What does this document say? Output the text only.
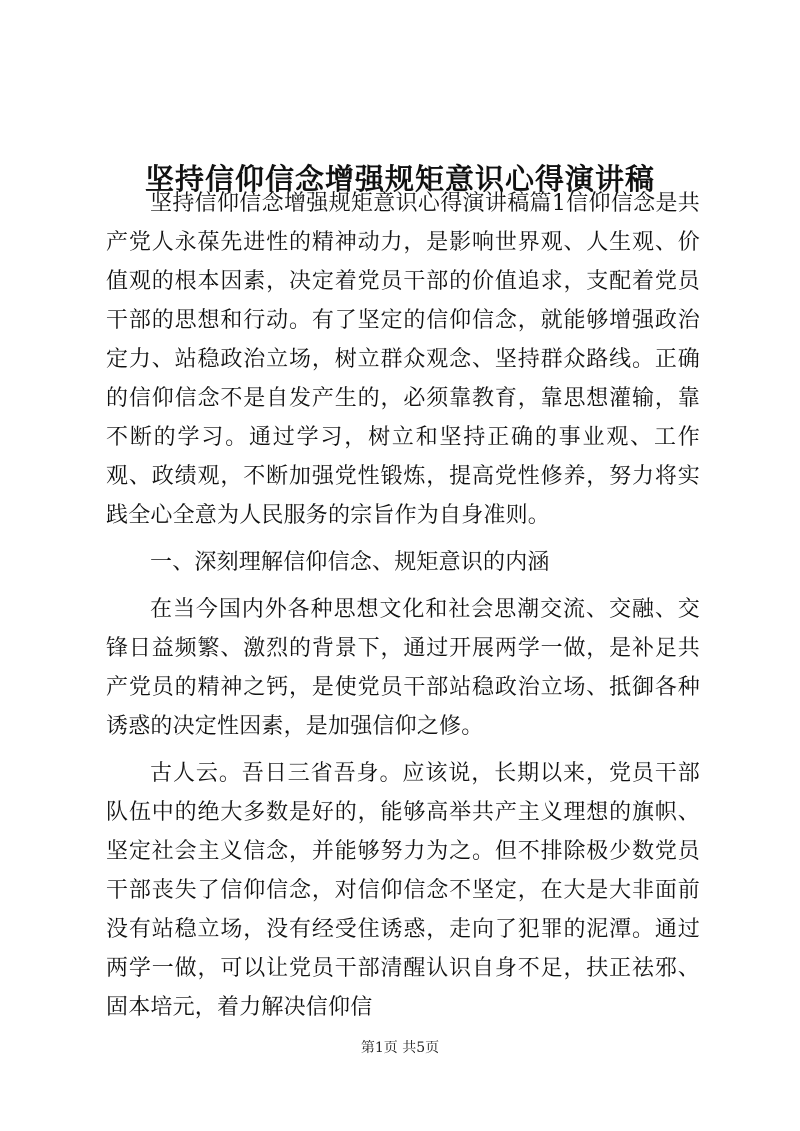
坚持信仰信念增强规矩意识心得演讲稿

坚持信仰信念增强规矩意识心得演讲稿篇1信仰信念是共产党人永葆先进性的精神动力，是影响世界观、人生观、价值观的根本因素，决定着党员干部的价值追求，支配着党员干部的思想和行动。有了坚定的信仰信念，就能够增强政治定力、站稳政治立场，树立群众观念、坚持群众路线。正确的信仰信念不是自发产生的，必须靠教育，靠思想灌输，靠不断的学习。通过学习，树立和坚持正确的事业观、工作观、政绩观，不断加强党性锻炼，提高党性修养，努力将实践全心全意为人民服务的宗旨作为自身准则。

一、深刻理解信仰信念、规矩意识的内涵

在当今国内外各种思想文化和社会思潮交流、交融、交锋日益频繁、激烈的背景下，通过开展两学一做，是补足共产党员的精神之钙，是使党员干部站稳政治立场、抵御各种诱惑的决定性因素，是加强信仰之修。

古人云。吾日三省吾身。应该说，长期以来，党员干部队伍中的绝大多数是好的，能够高举共产主义理想的旗帜、坚定社会主义信念，并能够努力为之。但不排除极少数党员干部丧失了信仰信念，对信仰信念不坚定，在大是大非面前没有站稳立场，没有经受住诱惑，走向了犯罪的泥潭。通过两学一做，可以让党员干部清醒认识自身不足，扶正祛邪、固本培元，着力解决信仰信

第1页 共5页
